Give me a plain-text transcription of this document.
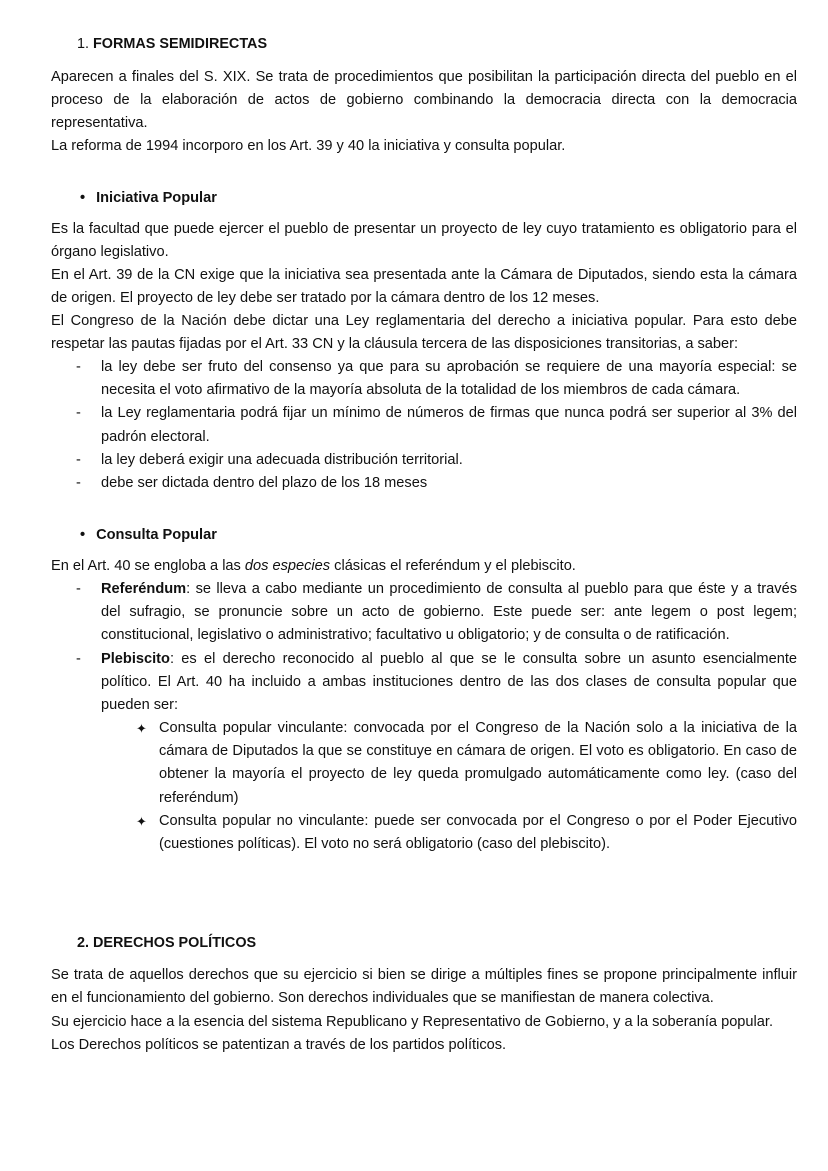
1. FORMAS SEMIDIRECTAS

Aparecen a finales del S. XIX. Se trata de procedimientos que posibilitan la participación directa del pueblo en el proceso de la elaboración de actos de gobierno combinando la democracia directa con la democracia representativa.

La reforma de 1994 incorporo en los Art. 39 y 40 la iniciativa y consulta popular.

• Iniciativa Popular

Es la facultad que puede ejercer el pueblo de presentar un proyecto de ley cuyo tratamiento es obligatorio para el órgano legislativo.

En el Art. 39 de la CN exige que la iniciativa sea presentada ante la Cámara de Diputados, siendo esta la cámara de origen. El proyecto de ley debe ser tratado por la cámara dentro de los 12 meses.

El Congreso de la Nación debe dictar una Ley reglamentaria del derecho a iniciativa popular. Para esto debe respetar las pautas fijadas por el Art. 33 CN y la cláusula tercera de las disposiciones transitorias, a saber:

- la ley debe ser fruto del consenso ya que para su aprobación se requiere de una mayoría especial: se necesita el voto afirmativo de la mayoría absoluta de la totalidad de los miembros de cada cámara.
- la Ley reglamentaria podrá fijar un mínimo de números de firmas que nunca podrá ser superior al 3% del padrón electoral.
- la ley deberá exigir una adecuada distribución territorial.
- debe ser dictada dentro del plazo de los 18 meses
• Consulta Popular

En el Art. 40 se engloba a las dos especies clásicas el referéndum y el plebiscito.

- Referéndum: se lleva a cabo mediante un procedimiento de consulta al pueblo para que éste y a través del sufragio, se pronuncie sobre un acto de gobierno. Este puede ser: ante legem o post legem; constitucional, legislativo o administrativo; facultativo u obligatorio; y de consulta o de ratificación.
- Plebiscito: es el derecho reconocido al pueblo al que se le consulta sobre un asunto esencialmente político. El Art. 40 ha incluido a ambas instituciones dentro de las dos clases de consulta popular que pueden ser:
✦ Consulta popular vinculante: convocada por el Congreso de la Nación solo a la iniciativa de la cámara de Diputados la que se constituye en cámara de origen. El voto es obligatorio. En caso de obtener la mayoría el proyecto de ley queda promulgado automáticamente como ley. (caso del referéndum)
✦ Consulta popular no vinculante: puede ser convocada por el Congreso o por el Poder Ejecutivo (cuestiones políticas). El voto no será obligatorio (caso del plebiscito).
2. DERECHOS POLÍTICOS

Se trata de aquellos derechos que su ejercicio si bien se dirige a múltiples fines se propone principalmente influir en el funcionamiento del gobierno. Son derechos individuales que se manifiestan de manera colectiva.

Su ejercicio hace a la esencia del sistema Republicano y Representativo de Gobierno, y a la soberanía popular.

Los Derechos políticos se patentizan a través de los partidos políticos.
